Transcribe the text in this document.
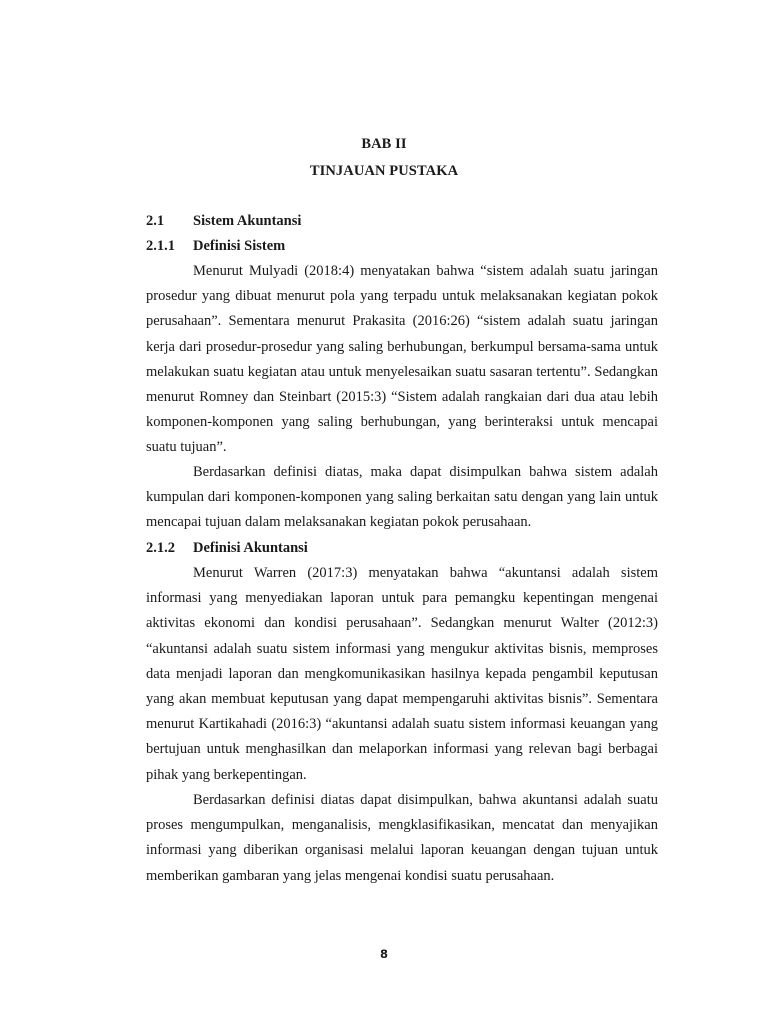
BAB II
TINJAUAN PUSTAKA
2.1 Sistem Akuntansi
2.1.1 Definisi Sistem

Menurut Mulyadi (2018:4) menyatakan bahwa “sistem adalah suatu jaringan prosedur yang dibuat menurut pola yang terpadu untuk melaksanakan kegiatan pokok perusahaan”. Sementara menurut Prakasita (2016:26) “sistem adalah suatu jaringan kerja dari prosedur-prosedur yang saling berhubungan, berkumpul bersama-sama untuk melakukan suatu kegiatan atau untuk menyelesaikan suatu sasaran tertentu”. Sedangkan menurut Romney dan Steinbart (2015:3) “Sistem adalah rangkaian dari dua atau lebih komponen-komponen yang saling berhubungan, yang berinteraksi untuk mencapai suatu tujuan”.

Berdasarkan definisi diatas, maka dapat disimpulkan bahwa sistem adalah kumpulan dari komponen-komponen yang saling berkaitan satu dengan yang lain untuk mencapai tujuan dalam melaksanakan kegiatan pokok perusahaan.

2.1.2 Definisi Akuntansi

Menurut Warren (2017:3) menyatakan bahwa “akuntansi adalah sistem informasi yang menyediakan laporan untuk para pemangku kepentingan mengenai aktivitas ekonomi dan kondisi perusahaan”. Sedangkan menurut Walter (2012:3) “akuntansi adalah suatu sistem informasi yang mengukur aktivitas bisnis, memproses data menjadi laporan dan mengkomunikasikan hasilnya kepada pengambil keputusan yang akan membuat keputusan yang dapat mempengaruhi aktivitas bisnis”. Sementara menurut Kartikahadi (2016:3) “akuntansi adalah suatu sistem informasi keuangan yang bertujuan untuk menghasilkan dan melaporkan informasi yang relevan bagi berbagai pihak yang berkepentingan.

Berdasarkan definisi diatas dapat disimpulkan, bahwa akuntansi adalah suatu proses mengumpulkan, menganalisis, mengklasifikasikan, mencatat dan menyajikan informasi yang diberikan organisasi melalui laporan keuangan dengan tujuan untuk memberikan gambaran yang jelas mengenai kondisi suatu perusahaan.

8
